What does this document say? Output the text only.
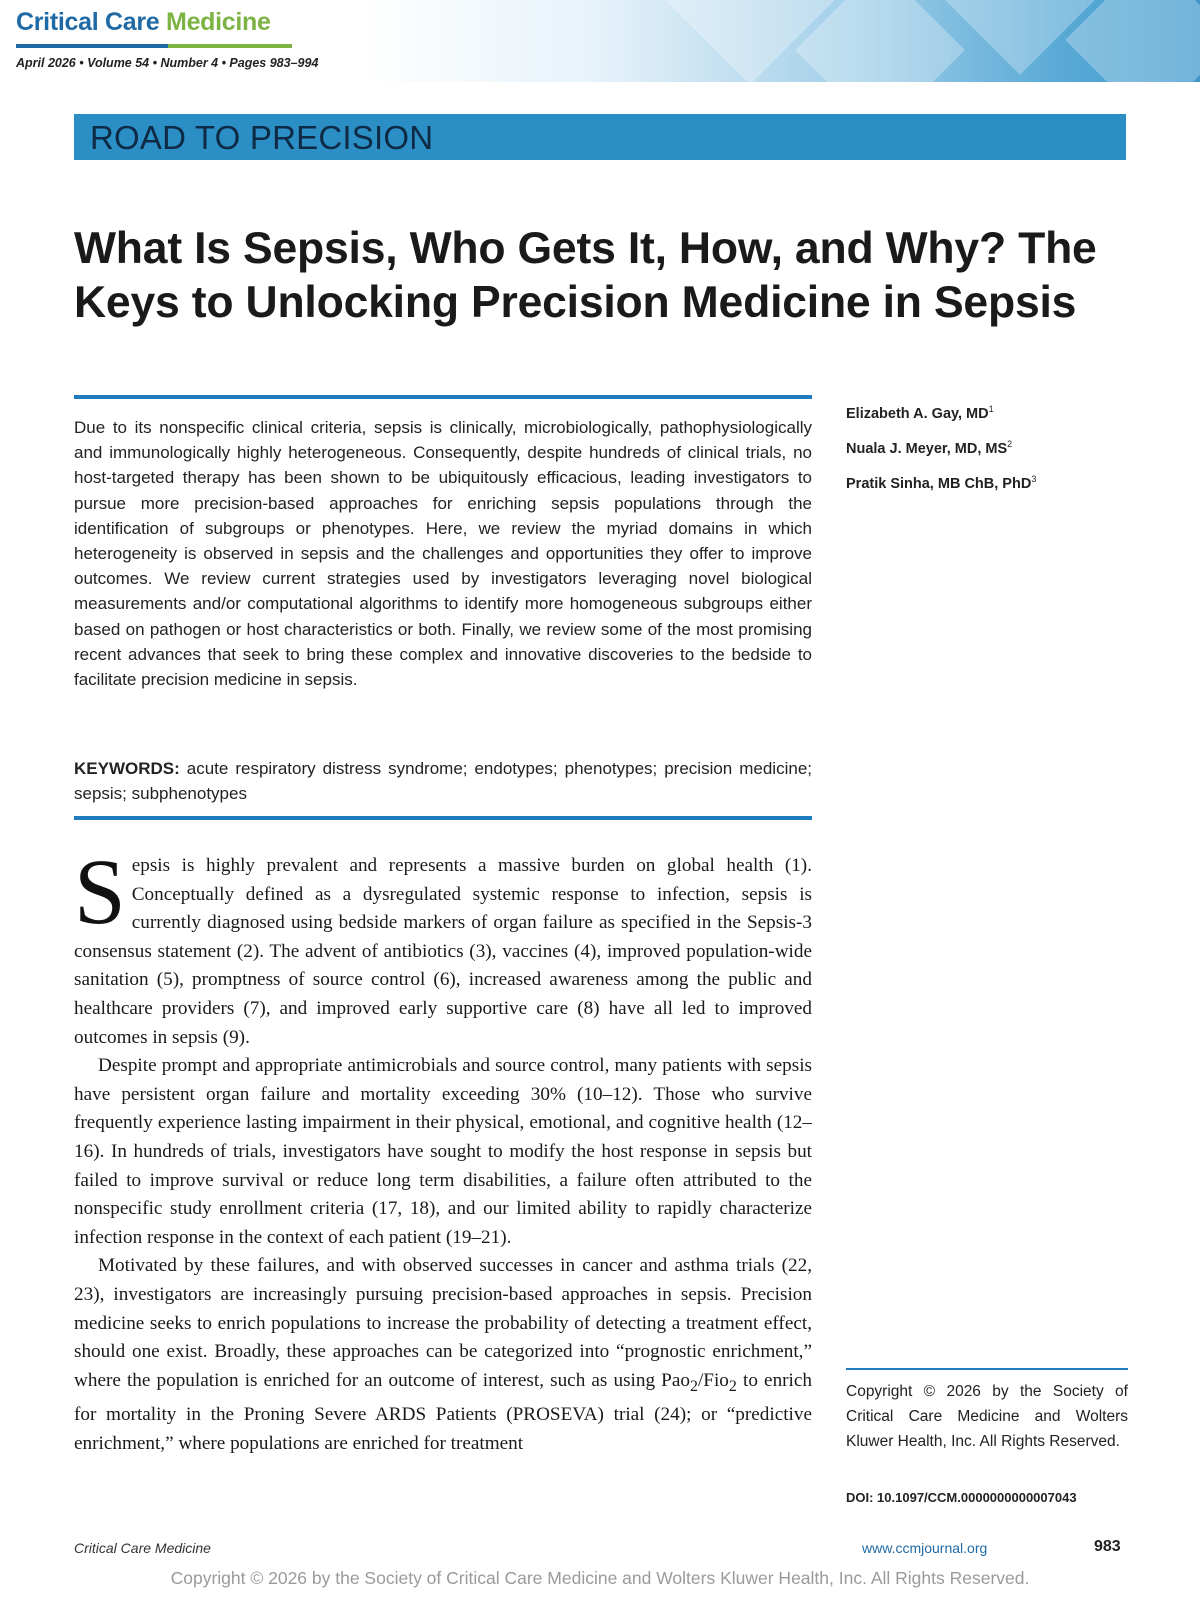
Critical Care Medicine
April 2026 • Volume 54 • Number 4 • Pages 983–994
ROAD TO PRECISION
What Is Sepsis, Who Gets It, How, and Why? The Keys to Unlocking Precision Medicine in Sepsis

Due to its nonspecific clinical criteria, sepsis is clinically, microbiologically, pathophysiologically and immunologically highly heterogeneous. Consequently, despite hundreds of clinical trials, no host-targeted therapy has been shown to be ubiquitously efficacious, leading investigators to pursue more precision-based approaches for enriching sepsis populations through the identification of subgroups or phenotypes. Here, we review the myriad domains in which heterogeneity is observed in sepsis and the challenges and opportunities they offer to improve outcomes. We review current strategies used by investigators leveraging novel biological measurements and/or computational algorithms to identify more homogeneous subgroups either based on pathogen or host characteristics or both. Finally, we review some of the most promising recent advances that seek to bring these complex and innovative discoveries to the bedside to facilitate precision medicine in sepsis.

KEYWORDS: acute respiratory distress syndrome; endotypes; phenotypes; precision medicine; sepsis; subphenotypes

Elizabeth A. Gay, $MD^1$
Nuala J. Meyer, MD, $MS^2$
Pratik Sinha, MB ChB, PhD$^3$

Sepsis is highly prevalent and represents a massive burden on global health (1). Conceptually defined as a dysregulated systemic response to infection, sepsis is currently diagnosed using bedside markers of organ failure as specified in the Sepsis-3 consensus statement (2). The advent of antibiotics (3), vaccines (4), improved population-wide sanitation (5), promptness of source control (6), increased awareness among the public and healthcare providers (7), and improved early supportive care (8) have all led to improved outcomes in sepsis (9).

Despite prompt and appropriate antimicrobials and source control, many patients with sepsis have persistent organ failure and mortality exceeding 30% (10–12). Those who survive frequently experience lasting impairment in their physical, emotional, and cognitive health (12–16). In hundreds of trials, investigators have sought to modify the host response in sepsis but failed to improve survival or reduce long term disabilities, a failure often attributed to the nonspecific study enrollment criteria (17, 18), and our limited ability to rapidly characterize infection response in the context of each patient (19–21).

Motivated by these failures, and with observed successes in cancer and asthma trials (22, 23), investigators are increasingly pursuing precision-based approaches in sepsis. Precision medicine seeks to enrich populations to increase the probability of detecting a treatment effect, should one exist. Broadly, these approaches can be categorized into “prognostic enrichment,” where the population is enriched for an outcome of interest, such as using Pao$_2$/Fio$_2$ to enrich for mortality in the Proning Severe ARDS Patients (PROSEVA) trial (24); or “predictive enrichment,” where populations are enriched for treatment

Copyright © 2026 by the Society of Critical Care Medicine and Wolters Kluwer Health, Inc. All Rights Reserved.
DOI: 10.1097/CCM.0000000000007043
Critical Care Medicine	www.ccmjournal.org	983
Copyright © 2026 by the Society of Critical Care Medicine and Wolters Kluwer Health, Inc. All Rights Reserved.
